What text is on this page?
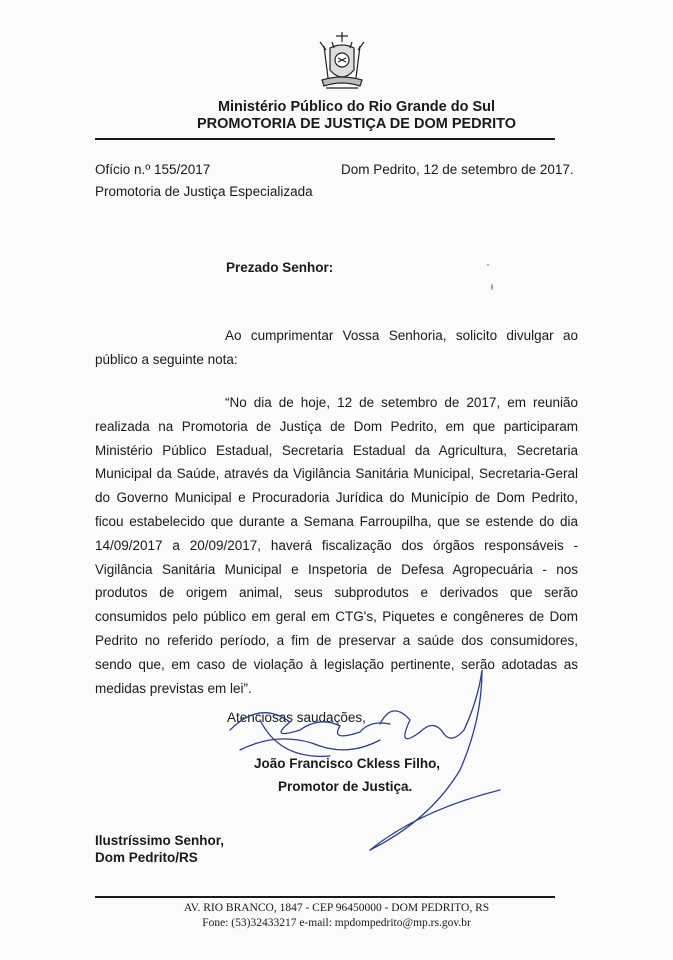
Ministério Público do Rio Grande do Sul
PROMOTORIA DE JUSTIÇA DE DOM PEDRITO
Ofício n.º 155/2017	Dom Pedrito, 12 de setembro de 2017.
Promotoria de Justiça Especializada
Prezado Senhor:

Ao cumprimentar Vossa Senhoria, solicito divulgar ao público a seguinte nota:

“No dia de hoje, 12 de setembro de 2017, em reunião realizada na Promotoria de Justiça de Dom Pedrito, em que participaram Ministério Público Estadual, Secretaria Estadual da Agricultura, Secretaria Municipal da Saúde, através da Vigilância Sanitária Municipal, Secretaria-Geral do Governo Municipal e Procuradoria Jurídica do Município de Dom Pedrito, ficou estabelecido que durante a Semana Farroupilha, que se estende do dia 14/09/2017 a 20/09/2017, haverá fiscalização dos órgãos responsáveis - Vigilância Sanitária Municipal e Inspetoria de Defesa Agropecuária - nos produtos de origem animal, seus subprodutos e derivados que serão consumidos pelo público em geral em CTG's, Piquetes e congêneres de Dom Pedrito no referido período, a fim de preservar a saúde dos consumidores, sendo que, em caso de violação à legislação pertinente, serão adotadas as medidas previstas em lei”.

Atenciosas saudações,
João Francisco Ckless Filho,
Promotor de Justiça.
Ilustríssimo Senhor,
Dom Pedrito/RS
AV. RIO BRANCO, 1847 - CEP 96450000 - DOM PEDRITO, RS
Fone: (53)32433217 e-mail: mpdompedrito@mp.rs.gov.br
